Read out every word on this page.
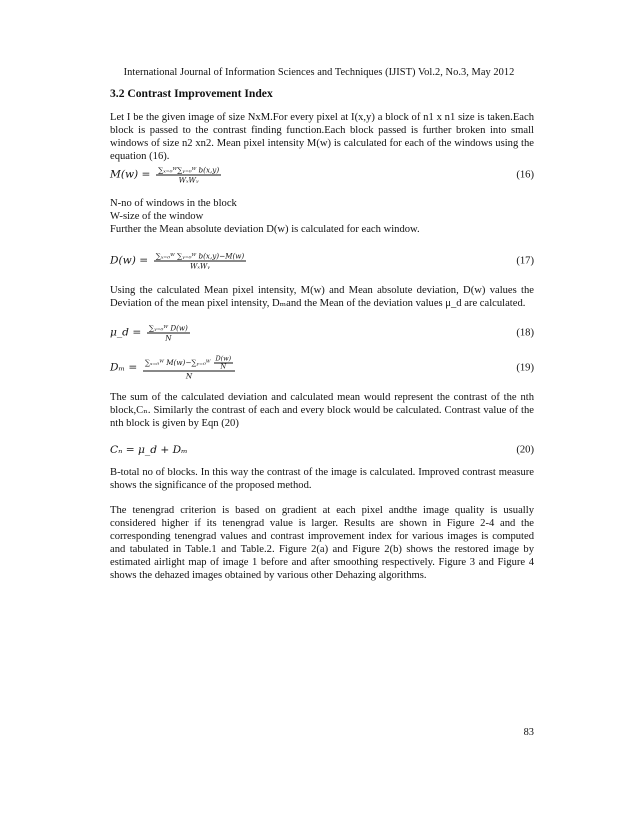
International Journal of Information Sciences and Techniques (IJIST) Vol.2, No.3, May 2012
3.2 Contrast Improvement Index

Let I be the given image of size NxM.For every pixel at I(x,y) a block of n1 x n1 size is taken.Each block is passed to the contrast finding function.Each block passed is further broken into small windows of size n2 xn2. Mean pixel intensity M(w) is calculated for each of the windows using the equation (16).

$M(w) = \frac{\text{∑ₓ₌₀ᵂ∑ᵧ₌₀ᵂ b(x,y)}}{\text{WₓWᵧ}}$	(16)
N-no of windows in the block
W-size of the window
Further the Mean absolute deviation D(w) is calculated for each window.
$D(w) = \frac{\text{∑ₓ₌₀ᵂ ∑ᵧ₌₀ᵂ b(x,y)−M(w)}}{\text{WₓWᵧ}}$	(17)

Using the calculated Mean pixel intensity, M(w) and Mean absolute deviation, D(w) values the Deviation of the mean pixel intensity, Dₘand the Mean of the deviation values μ_d are calculated.

μ_d = $\frac{\text{∑ᵧ₌₀ᵂ D(w)}}{N}$	(18)
$D_m = \frac{\sum_{x=0}ᵂ M(w)-\sum ᵧ_{=0}ᵂ \frac{D(w)}{N}}{N}$	(19)

The sum of the calculated deviation and calculated mean would represent the contrast of the nth block,Cₙ. Similarly the contrast of each and every block would be calculated. Contrast value of the nth block is given by Eqn (20)

Cₙ = μ_d + Dₘ	(20)

B-total no of blocks. In this way the contrast of the image is calculated. Improved contrast measure shows the significance of the proposed method.

The tenengrad criterion is based on gradient at each pixel andthe image quality is usually considered higher if its tenengrad value is larger. Results are shown in Figure 2-4 and the corresponding tenengrad values and contrast improvement index for various images is computed and tabulated in Table.1 and Table.2. Figure 2(a) and Figure 2(b) shows the restored image by estimated airlight map of image 1 before and after smoothing respectively. Figure 3 and Figure 4 shows the dehazed images obtained by various other Dehazing algorithms.

83
